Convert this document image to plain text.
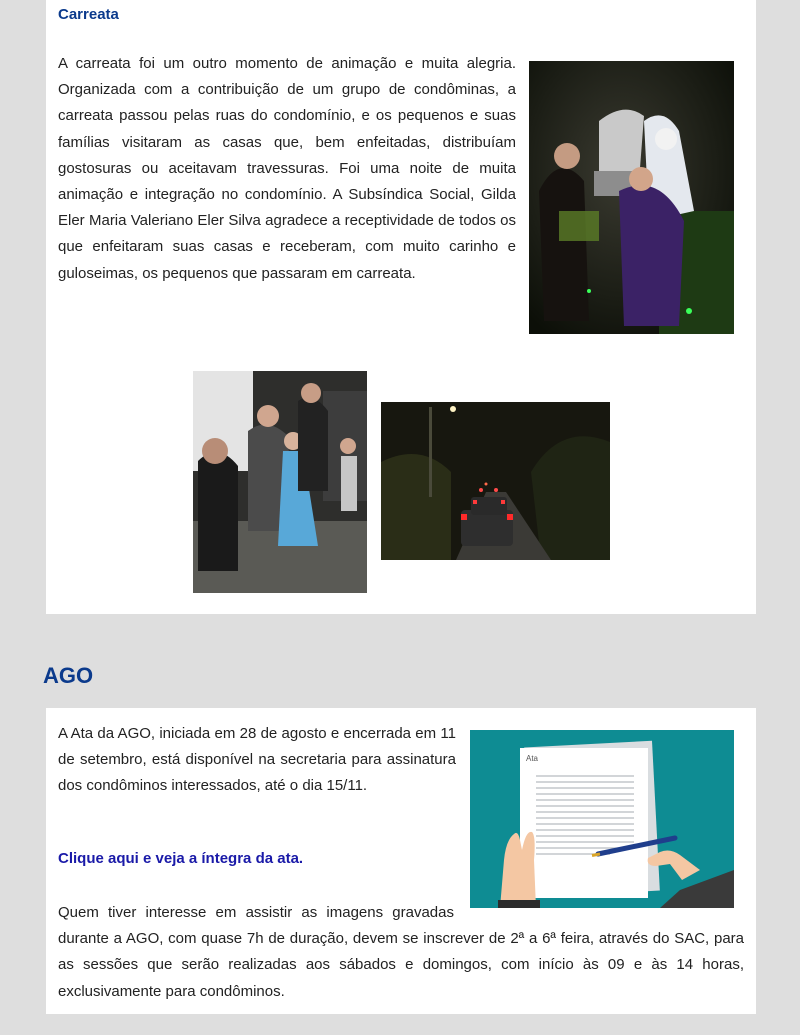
Carreata

A carreata foi um outro momento de animação e muita alegria. Organizada com a contribuição de um grupo de condôminas, a carreata passou pelas ruas do condomínio, e os pequenos e suas famílias visitaram as casas que, bem enfeitadas, distribuíam gostosuras ou aceitavam travessuras. Foi uma noite de muita animação e integração no condomínio. A Subsíndica Social, Gilda Eler Maria Valeriano Eler Silva agradece a receptividade de todos os que enfeitaram suas casas e receberam, com muito carinho e guloseimas, os pequenos que passaram em carreata.

AGO

A Ata da AGO, iniciada em 28 de agosto e encerrada em 11 de setembro, está disponível na secretaria para assinatura dos condôminos interessados, até o dia 15/11.

Clique aqui e veja a íntegra da ata.

Quem tiver interesse em assistir as imagens gravadas durante a AGO, com quase 7h de duração, devem se inscrever de 2ª a 6ª feira, através do SAC, para as sessões que serão realizadas aos sábados e domingos, com início às 09 e às 14 horas, exclusivamente para condôminos.

Ata
